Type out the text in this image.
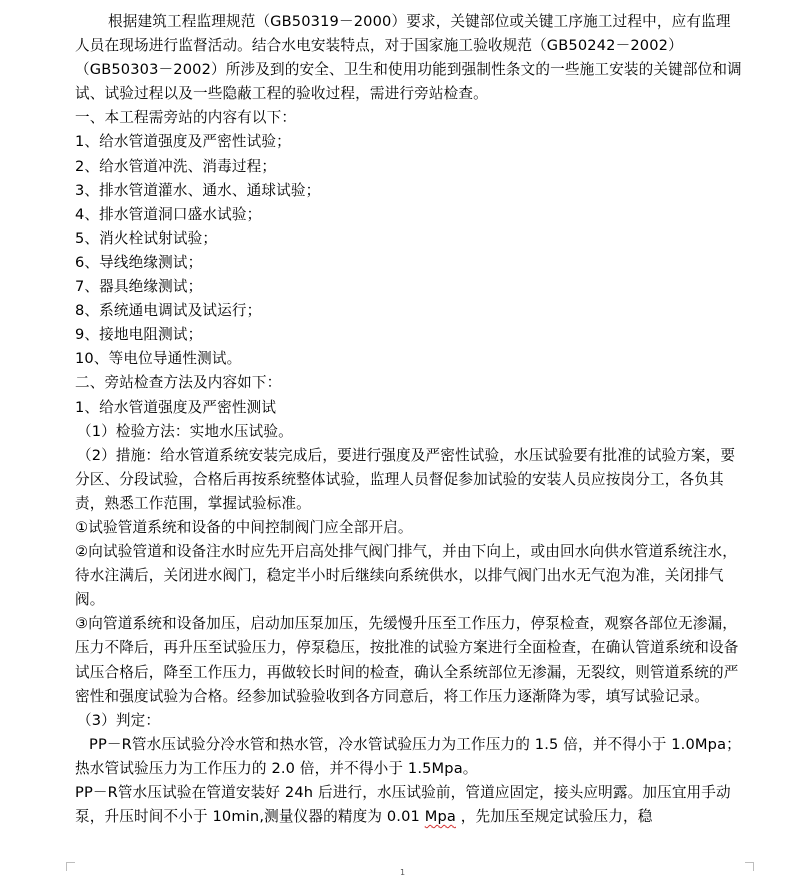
根据建筑工程监理规范（GB50319－2000）要求，关键部位或关键工序施工过程中，应有监理人员在现场进行监督活动。结合水电安装特点，对于国家施工验收规范（GB50242－2002）（GB50303－2002）所涉及到的安全、卫生和使用功能到强制性条文的一些施工安装的关键部位和调试、试验过程以及一些隐蔽工程的验收过程，需进行旁站检查。

一、本工程需旁站的内容有以下：

1、给水管道强度及严密性试验；

2、给水管道冲洗、消毒过程；

3、排水管道灌水、通水、通球试验；

4、排水管道洞口盛水试验；

5、消火栓试射试验；

6、导线绝缘测试；

7、器具绝缘测试；

8、系统通电调试及试运行；

9、接地电阻测试；

10、等电位导通性测试。

二、旁站检查方法及内容如下：

1、给水管道强度及严密性测试

（1）检验方法：实地水压试验。

（2）措施：给水管道系统安装完成后，要进行强度及严密性试验，水压试验要有批准的试验方案，要分区、分段试验，合格后再按系统整体试验，监理人员督促参加试验的安装人员应按岗分工，各负其责，熟悉工作范围，掌握试验标准。

①试验管道系统和设备的中间控制阀门应全部开启。

②向试验管道和设备注水时应先开启高处排气阀门排气，并由下向上，或由回水向供水管道系统注水，待水注满后，关闭进水阀门，稳定半小时后继续向系统供水，以排气阀门出水无气泡为准，关闭排气阀。

③向管道系统和设备加压，启动加压泵加压，先缓慢升压至工作压力，停泵检查，观察各部位无渗漏，压力不降后，再升压至试验压力，停泵稳压，按批准的试验方案进行全面检查，在确认管道系统和设备试压合格后，降至工作压力，再做较长时间的检查，确认全系统部位无渗漏，无裂纹，则管道系统的严密性和强度试验为合格。经参加试验验收到各方同意后，将工作压力逐渐降为零，填写试验记录。

（3）判定：

PP－R管水压试验分冷水管和热水管，冷水管试验压力为工作压力的 1.5 倍，并不得小于 1.0Mpa；热水管试验压力为工作压力的 2.0 倍，并不得小于 1.5Mpa。

PP－R管水压试验在管道安装好 24h 后进行，水压试验前，管道应固定，接头应明露。加压宜用手动泵，升压时间不小于 10min,测量仪器的精度为 0.01 Mpa ，先加压至规定试验压力，稳

1
